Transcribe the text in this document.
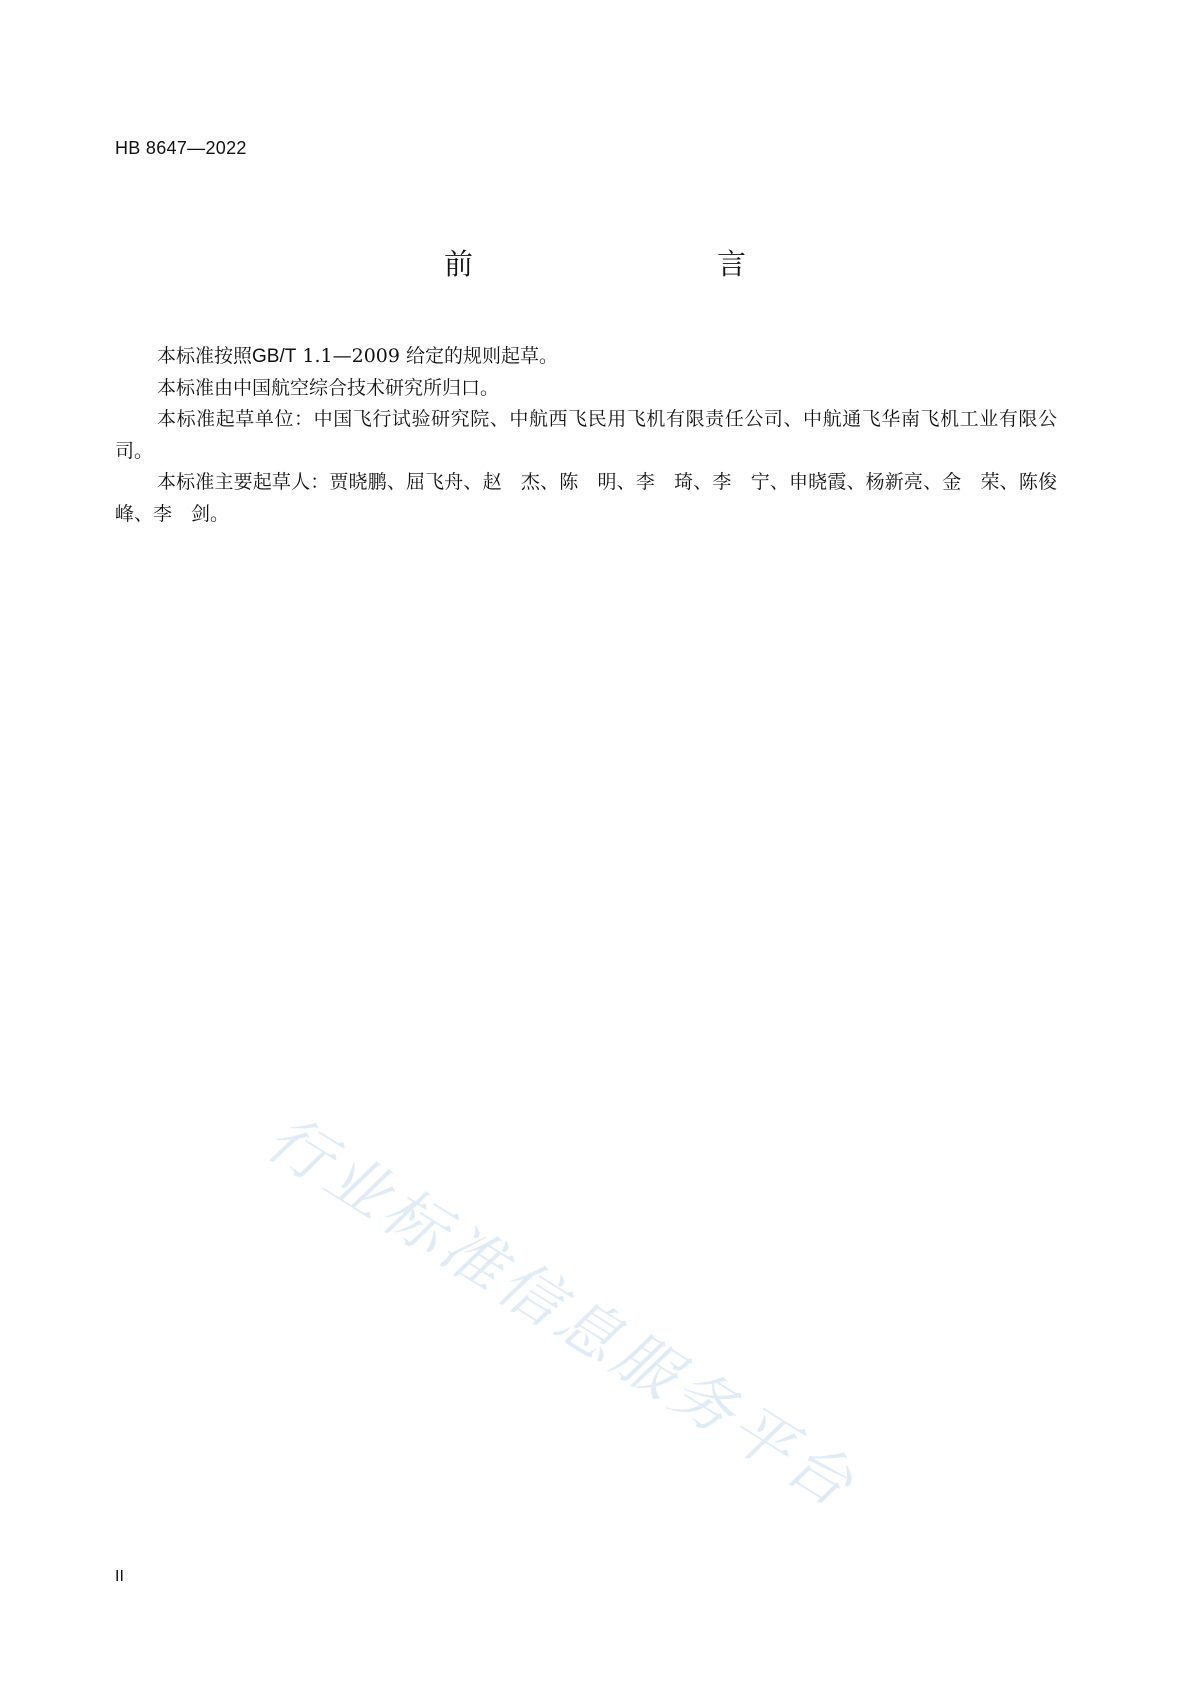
HB 8647—2022
前　　言

本标准按照GB/T 1.1—2009 给定的规则起草。

本标准由中国航空综合技术研究所归口。

本标准起草单位：中国飞行试验研究院、中航西飞民用飞机有限责任公司、中航通飞华南飞机工业有限公司。

本标准主要起草人：贾晓鹏、屈飞舟、赵　杰、陈　明、李　琦、李　宁、申晓霞、杨新亮、金　荣、陈俊峰、李　剑。

行业标准信息服务平台
II
